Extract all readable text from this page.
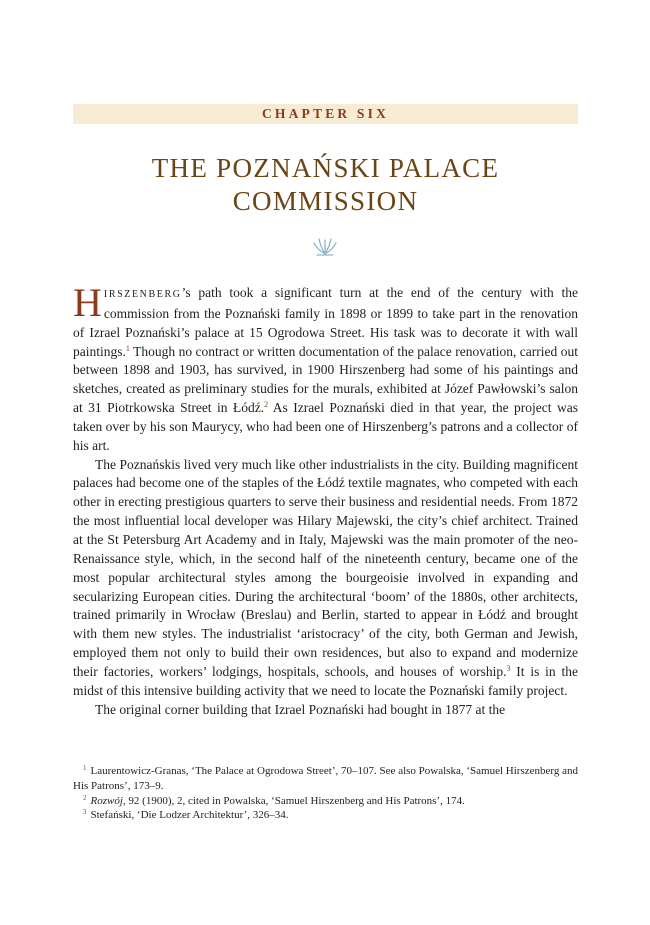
CHAPTER SIX
THE POZNAŃSKI PALACE
COMMISSION

HIRSZENBERG’s path took a significant turn at the end of the century with the commission from the Poznański family in 1898 or 1899 to take part in the renovation of Izrael Poznański’s palace at 15 Ogrodowa Street. His task was to decorate it with wall paintings.$^1$ Though no contract or written documentation of the palace renovation, carried out between 1898 and 1903, has survived, in 1900 Hirszenberg had some of his paintings and sketches, created as preliminary studies for the murals, exhibited at Józef Pawłowski’s salon at 31 Piotrkowska Street in Łódź.$^2$ As Izrael Poznański died in that year, the project was taken over by his son Maurycy, who had been one of Hirszenberg’s patrons and a collector of his art.

The Poznańskis lived very much like other industrialists in the city. Building magnificent palaces had become one of the staples of the Łódź textile magnates, who competed with each other in erecting prestigious quarters to serve their business and residential needs. From 1872 the most influential local developer was Hilary Majewski, the city’s chief architect. Trained at the St Petersburg Art Academy and in Italy, Majewski was the main promoter of the neo-Renaissance style, which, in the second half of the nineteenth century, became one of the most popular architectural styles among the bourgeoisie involved in expanding and secularizing European cities. During the architectural ‘boom’ of the 1880s, other architects, trained primarily in Wrocław (Breslau) and Berlin, started to appear in Łódź and brought with them new styles. The industrialist ‘aristocracy’ of the city, both German and Jewish, employed them not only to build their own residences, but also to expand and modernize their factories, workers’ lodgings, hospitals, schools, and houses of worship.$^3$ It is in the midst of this intensive building activity that we need to locate the Poznański family project.

The original corner building that Izrael Poznański had bought in 1877 at the

$^1$ Laurentowicz-Granas, ‘The Palace at Ogrodowa Street’, 70–107. See also Powalska, ‘Samuel Hirszenberg and His Patrons’, 173–9.

$^2$ Rozwój, 92 (1900), 2, cited in Powalska, ‘Samuel Hirszenberg and His Patrons’, 174.

$^3$ Stefański, ‘Die Lodzer Architektur’, 326–34.
